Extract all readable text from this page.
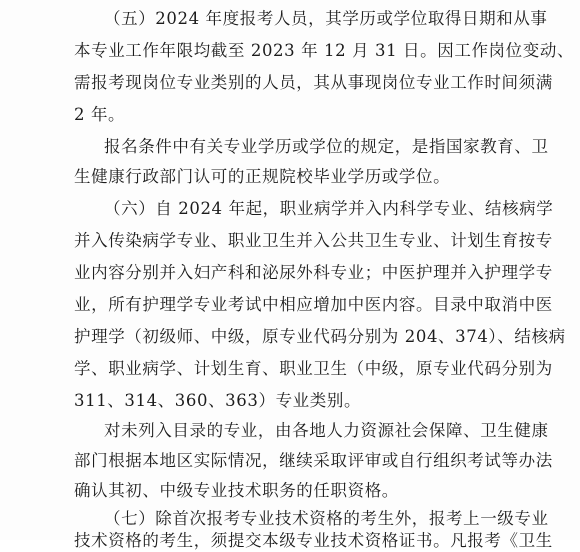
（五）2024 年度报考人员，其学历或学位取得日期和从事
本专业工作年限均截至 2023 年 12 月 31 日。因工作岗位变动、
需报考现岗位专业类别的人员，其从事现岗位专业工作时间须满
2 年。
报名条件中有关专业学历或学位的规定，是指国家教育、卫
生健康行政部门认可的正规院校毕业学历或学位。
（六）自 2024 年起，职业病学并入内科学专业、结核病学
并入传染病学专业、职业卫生并入公共卫生专业、计划生育按专
业内容分别并入妇产科和泌尿外科专业；中医护理并入护理学专
业，所有护理学专业考试中相应增加中医内容。目录中取消中医
护理学（初级师、中级，原专业代码分别为 204、374）、结核病
学、职业病学、计划生育、职业卫生（中级，原专业代码分别为
311、314、360、363）专业类别。
对未列入目录的专业，由各地人力资源社会保障、卫生健康
部门根据本地区实际情况，继续采取评审或自行组织考试等办法
确认其初、中级专业技术职务的任职资格。
（七）除首次报考专业技术资格的考生外，报考上一级专业
技术资格的考生，须提交本级专业技术资格证书。凡报考《卫生
